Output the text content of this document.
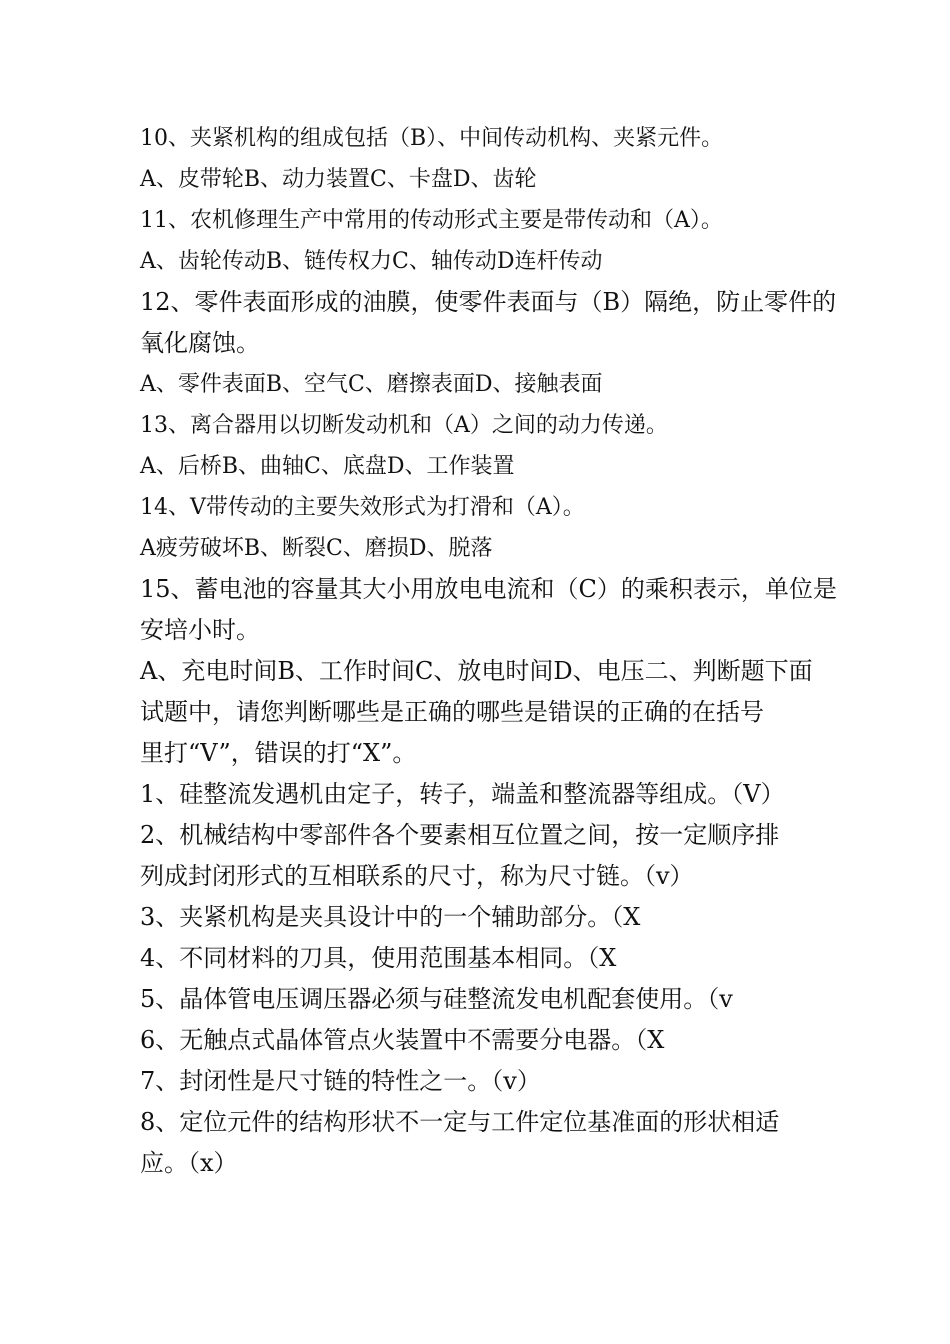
10、夹紧机构的组成包括（B）、中间传动机构、夹紧元件。
A、皮带轮B、动力装置C、卡盘D、齿轮
11、农机修理生产中常用的传动形式主要是带传动和（A）。
A、齿轮传动B、链传权力C、轴传动D连杆传动
12、零件表面形成的油膜，使零件表面与（B）隔绝，防止零件的
氧化腐蚀。
A、零件表面B、空气C、磨擦表面D、接触表面
13、离合器用以切断发动机和（A）之间的动力传递。
A、后桥B、曲轴C、底盘D、工作装置
14、V带传动的主要失效形式为打滑和（A）。
A疲劳破坏B、断裂C、磨损D、脱落
15、蓄电池的容量其大小用放电电流和（C）的乘积表示，单位是
安培小时。
A、充电时间B、工作时间C、放电时间D、电压二、判断题下面
试题中，请您判断哪些是正确的哪些是错误的正确的在括号
里打“V”，错误的打“X”。
1、硅整流发遇机由定子，转子，端盖和整流器等组成。（V）
2、机械结构中零部件各个要素相互位置之间，按一定顺序排
列成封闭形式的互相联系的尺寸，称为尺寸链。（v）
3、夹紧机构是夹具设计中的一个辅助部分。（X
4、不同材料的刀具，使用范围基本相同。（X
5、晶体管电压调压器必须与硅整流发电机配套使用。（v
6、无触点式晶体管点火装置中不需要分电器。（X
7、封闭性是尺寸链的特性之一。（v）
8、定位元件的结构形状不一定与工件定位基准面的形状相适
应。（x）
